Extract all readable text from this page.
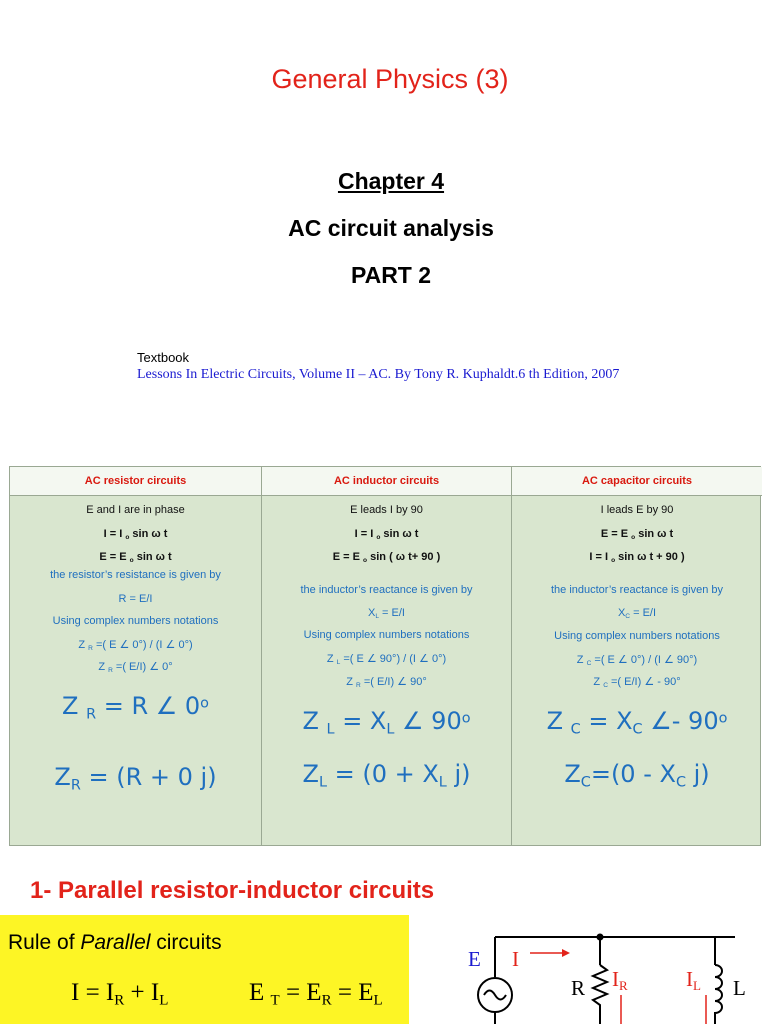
General Physics (3)
Chapter 4
AC circuit analysis
PART 2
Textbook
Lessons In Electric Circuits, Volume II – AC. By Tony R. Kuphaldt.6 th Edition, 2007
AC resistor circuits
E and I are in phase
I = I $_o$ sin ω t
E = E $_o$ sin ω t
the resistor’s resistance is given by
R = E/I
Using complex numbers notations
Z $_R$ =( E ∠ 0°) / (I ∠ 0°)
Z $_R$ =( E/I) ∠ 0°
Z $_R$ = R ∠ 0$^o$
$Z_R = (R + 0$ j)
AC inductor circuits
E leads I by 90
I = I $_o$ sin ω t
E = E $_o$ sin ( ω t+ 90 )
the inductor’s reactance is given by
$X_L = E/I$
Using complex numbers notations
Z $_L$ =( E ∠ 90°) / (I ∠ 0°)
Z $_R$ =( E/I) ∠ 90°
Z $_L = X_L$ ∠ 90$^o$
$Z_L = (0 + X_L$ j)
AC capacitor circuits
I leads E by 90
E = E $_o$ sin ω t
I = I $_o$ sin ω t + 90 )
the inductor’s reactance is given by
$X_C = E/I$
Using complex numbers notations
Z $_C$ =( E ∠ 0°) / (I ∠ 90°)
Z $_C$ =( E/I) ∠ - 90°
Z $_C = X_C$ ∠- 90$^o$
$Z_C=(0 - X_C$ j)
1- Parallel resistor-inductor circuits
Rule of Parallel circuits
$I = I_R + I_L$	E $_T = E_R = E_L$
E I
R IR	IL L
